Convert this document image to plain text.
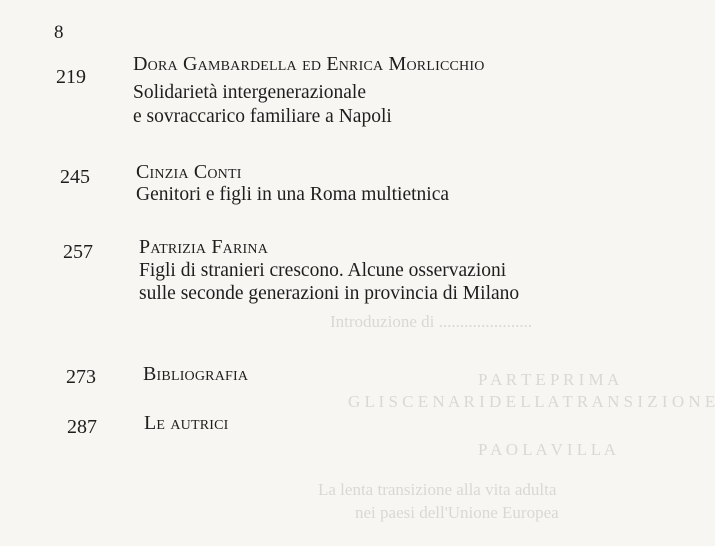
Introduzione di ......................
P A R T E P R I M A
G L I S C E N A R I D E L L A T R A N S I Z I O N E
P A O L A V I L L A
La lenta transizione alla vita adulta
nei paesi dell'Unione Europea
8
219
Dora Gambardella ed Enrica Morlicchio
Solidarietà intergenerazionale
e sovraccarico familiare a Napoli
245 Cinzia Conti
Genitori e figli in una Roma multietnica
257 Patrizia Farina
Figli di stranieri crescono. Alcune osservazioni
sulle seconde generazioni in provincia di Milano
273 Bibliografia
287 Le autrici
